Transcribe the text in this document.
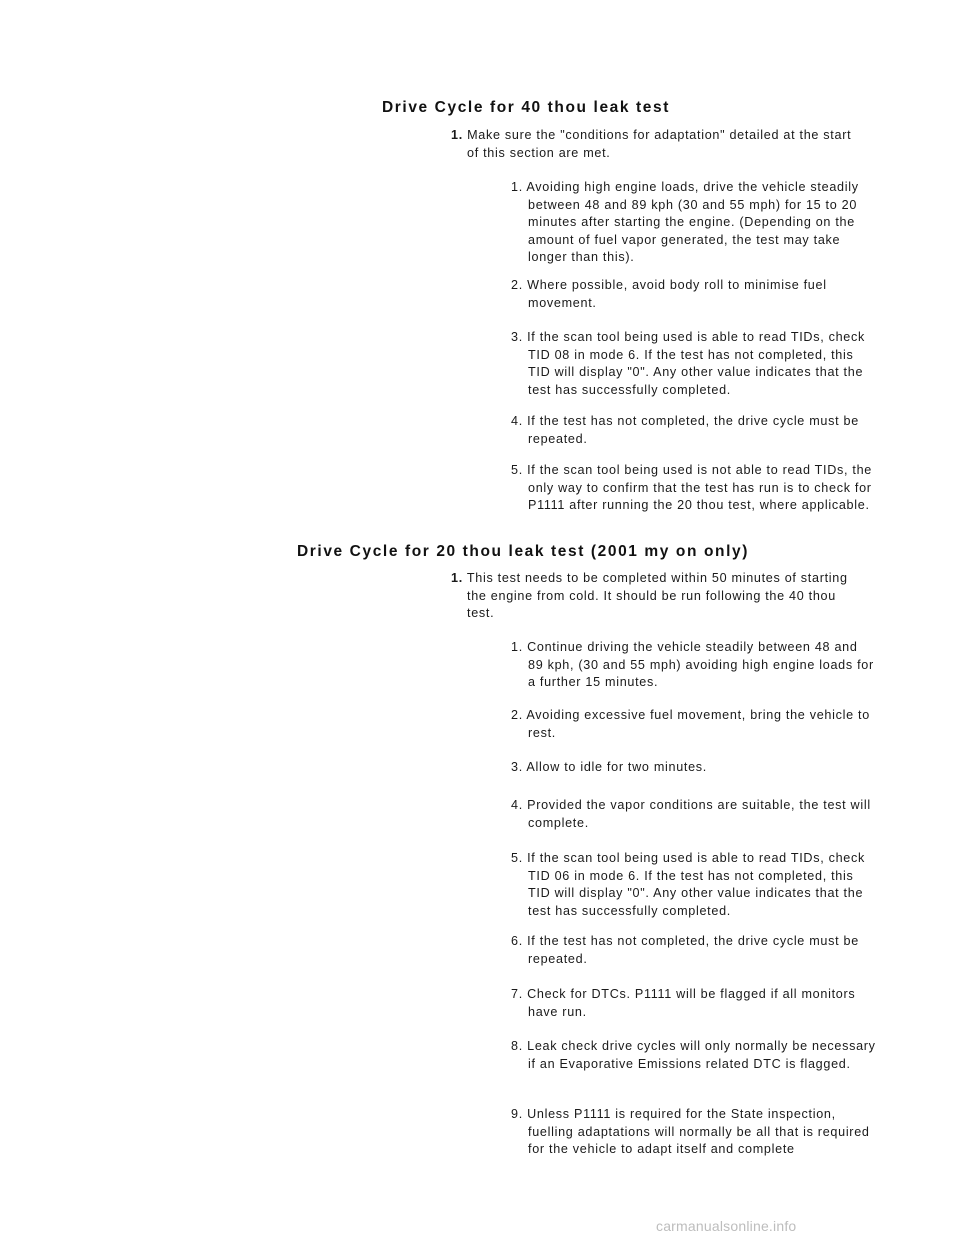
Drive Cycle for 40 thou leak test

1. Make sure the "conditions for adaptation" detailed at the start of this section are met.

1. Avoiding high engine loads, drive the vehicle steadily between 48 and 89 kph (30 and 55 mph) for 15 to 20 minutes after starting the engine. (Depending on the amount of fuel vapor generated, the test may take longer than this).

2. Where possible, avoid body roll to minimise fuel movement.

3. If the scan tool being used is able to read TIDs, check TID 08 in mode 6. If the test has not completed, this TID will display "0". Any other value indicates that the test has successfully completed.

4. If the test has not completed, the drive cycle must be repeated.

5. If the scan tool being used is not able to read TIDs, the only way to confirm that the test has run is to check for P1111 after running the 20 thou test, where applicable.

Drive Cycle for 20 thou leak test (2001 my on only)

1. This test needs to be completed within 50 minutes of starting the engine from cold. It should be run following the 40 thou test.

1. Continue driving the vehicle steadily between 48 and 89 kph, (30 and 55 mph) avoiding high engine loads for a further 15 minutes.

2. Avoiding excessive fuel movement, bring the vehicle to rest.

3. Allow to idle for two minutes.

4. Provided the vapor conditions are suitable, the test will complete.

5. If the scan tool being used is able to read TIDs, check TID 06 in mode 6. If the test has not completed, this TID will display "0". Any other value indicates that the test has successfully completed.

6. If the test has not completed, the drive cycle must be repeated.

7. Check for DTCs. P1111 will be flagged if all monitors have run.

8. Leak check drive cycles will only normally be necessary if an Evaporative Emissions related DTC is flagged.

9. Unless P1111 is required for the State inspection, fuelling adaptations will normally be all that is required for the vehicle to adapt itself and complete

carmanualsonline.info
